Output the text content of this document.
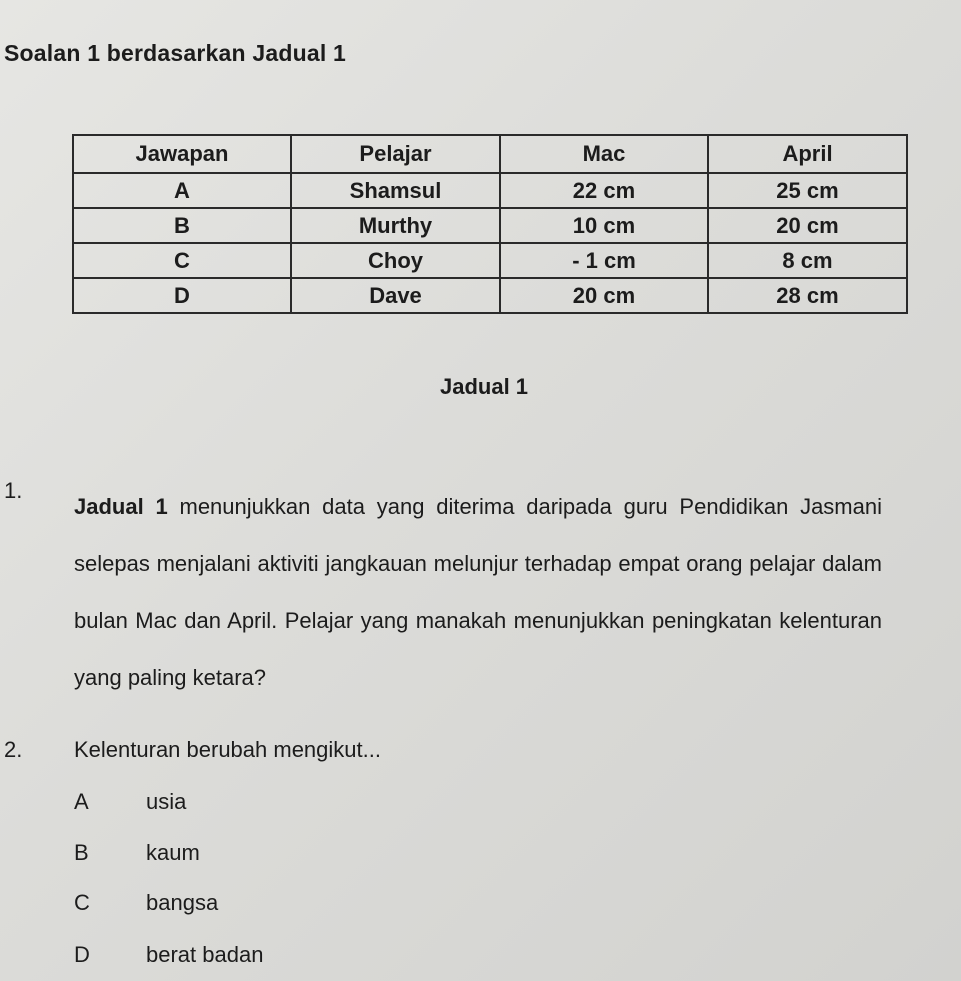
Soalan 1 berdasarkan Jadual 1
Jawapan	Pelajar	Mac	April
A	Shamsul	22 cm	25 cm
B	Murthy	10 cm	20 cm
C	Choy	- 1 cm	8 cm
D	Dave	20 cm	28 cm
Jadual 1
1.
Jadual 1 menunjukkan data yang diterima daripada guru Pendidikan Jasmani selepas menjalani aktiviti jangkauan melunjur terhadap empat orang pelajar dalam bulan Mac dan April. Pelajar yang manakah menunjukkan peningkatan kelenturan yang paling ketara?
2. Kelenturan berubah mengikut...
A	usia
B	kaum
C	bangsa
D	berat badan
